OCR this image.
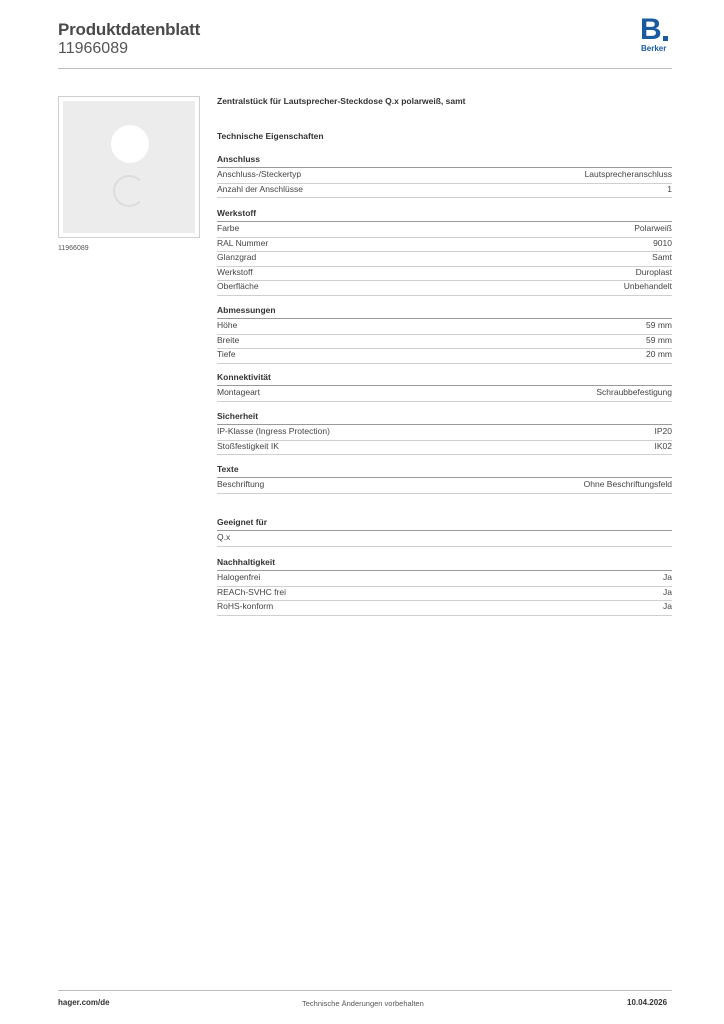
Produktdatenblatt
11966089
B
Berker
11966089
Zentralstück für Lautsprecher-Steckdose Q.x polarweiß, samt
Technische Eigenschaften
Anschluss
Anschluss-/Steckertyp	Lautsprecheranschluss
Anzahl der Anschlüsse	1
Werkstoff
Farbe	Polarweiß
RAL Nummer	9010
Glanzgrad	Samt
Werkstoff	Duroplast
Oberfläche	Unbehandelt
Abmessungen
Höhe	59 mm
Breite	59 mm
Tiefe	20 mm
Konnektivität
Montageart	Schraubbefestigung
Sicherheit
IP-Klasse (Ingress Protection)	IP20
Stoßfestigkeit IK	IK02
Texte
Beschriftung	Ohne Beschriftungsfeld
Geeignet für
Q.x
Nachhaltigkeit
Halogenfrei	Ja
REACh-SVHC frei	Ja
RoHS-konform	Ja
hager.com/de	Technische Änderungen vorbehalten	10.04.2026
